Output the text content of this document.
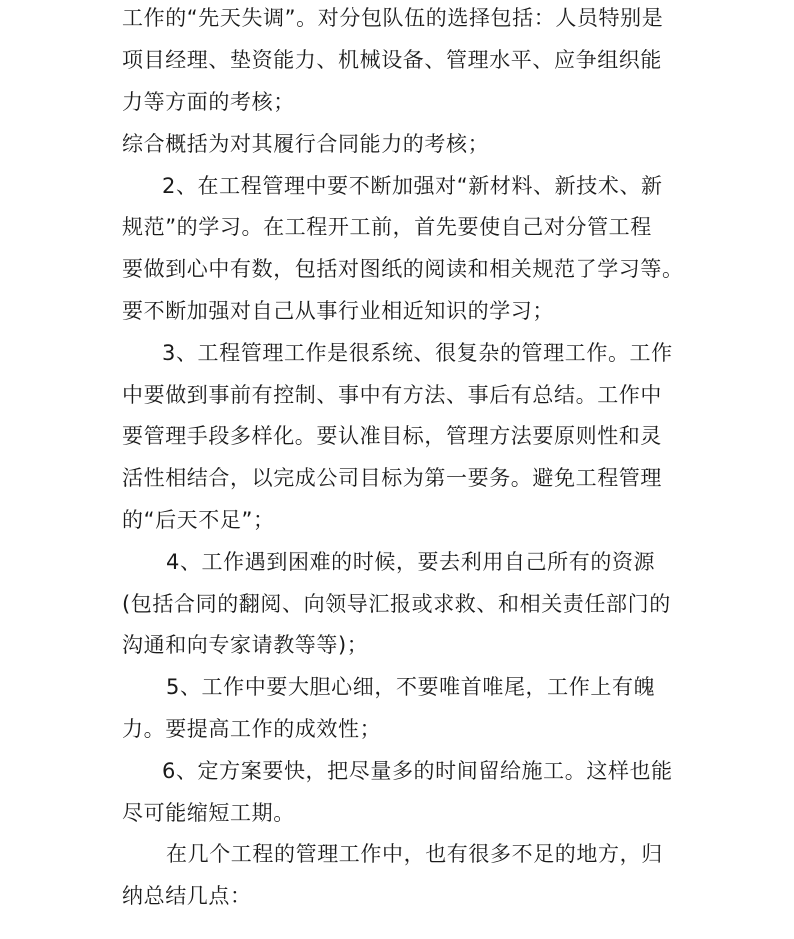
工作的“先天失调”。对分包队伍的选择包括：人员特别是
项目经理、垫资能力、机械设备、管理水平、应争组织能
力等方面的考核；
综合概括为对其履行合同能力的考核；
2、在工程管理中要不断加强对“新材料、新技术、新
规范”的学习。在工程开工前，首先要使自己对分管工程
要做到心中有数，包括对图纸的阅读和相关规范了学习等。
要不断加强对自己从事行业相近知识的学习；
3、工程管理工作是很系统、很复杂的管理工作。工作
中要做到事前有控制、事中有方法、事后有总结。工作中
要管理手段多样化。要认准目标，管理方法要原则性和灵
活性相结合，以完成公司目标为第一要务。避免工程管理
的“后天不足”；
4、工作遇到困难的时候，要去利用自己所有的资源
(包括合同的翻阅、向领导汇报或求救、和相关责任部门的
沟通和向专家请教等等)；
5、工作中要大胆心细，不要唯首唯尾，工作上有魄
力。要提高工作的成效性；
6、定方案要快，把尽量多的时间留给施工。这样也能
尽可能缩短工期。
在几个工程的管理工作中，也有很多不足的地方，归
纳总结几点：
